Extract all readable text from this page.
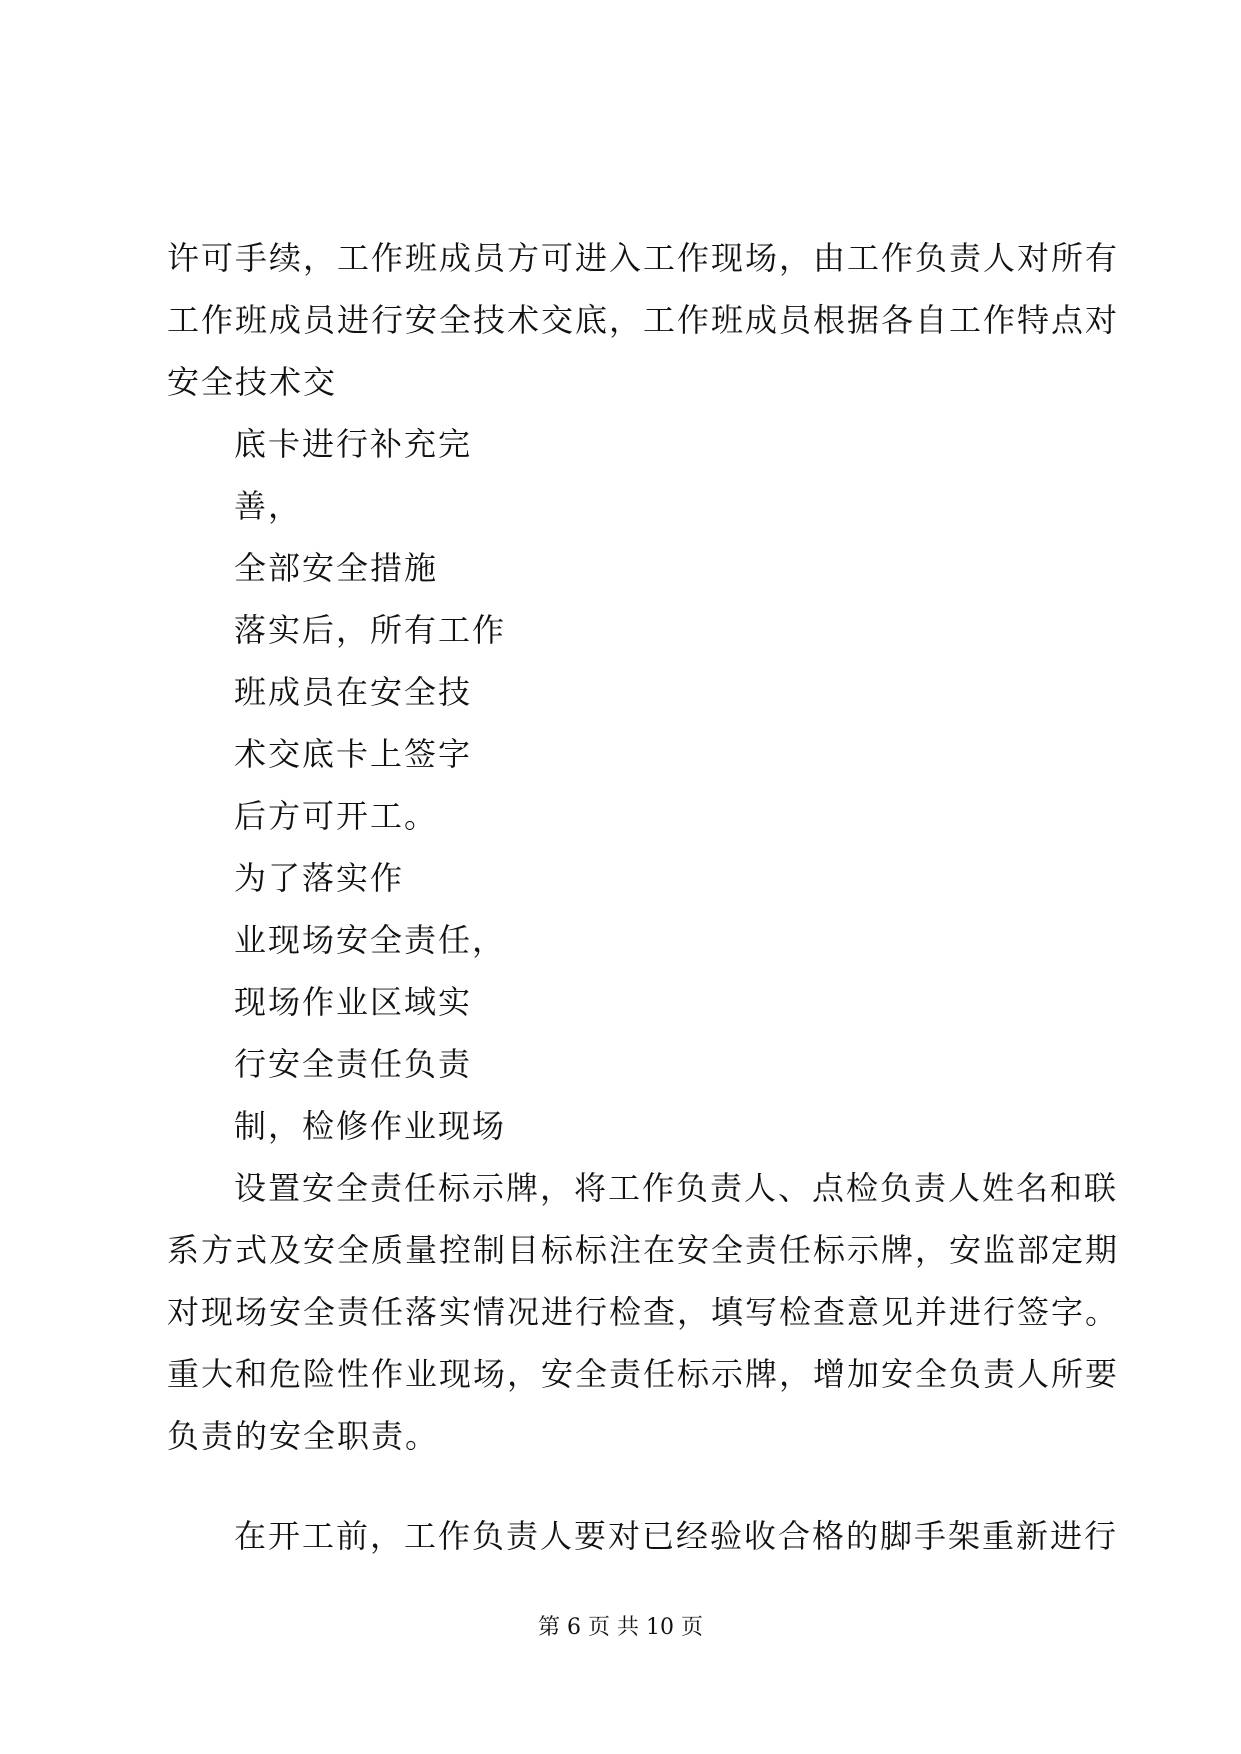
许可手续，工作班成员方可进入工作现场，由工作负责人对所有
工作班成员进行安全技术交底，工作班成员根据各自工作特点对
安全技术交
底卡进行补充完
善，
全部安全措施
落实后，所有工作
班成员在安全技
术交底卡上签字
后方可开工。
为了落实作
业现场安全责任，
现场作业区域实
行安全责任负责
制，检修作业现场
设置安全责任标示牌，将工作负责人、点检负责人姓名和联
系方式及安全质量控制目标标注在安全责任标示牌，安监部定期
对现场安全责任落实情况进行检查，填写检查意见并进行签字。
重大和危险性作业现场，安全责任标示牌，增加安全负责人所要
负责的安全职责。
在开工前，工作负责人要对已经验收合格的脚手架重新进行
第 6 页 共 10 页
